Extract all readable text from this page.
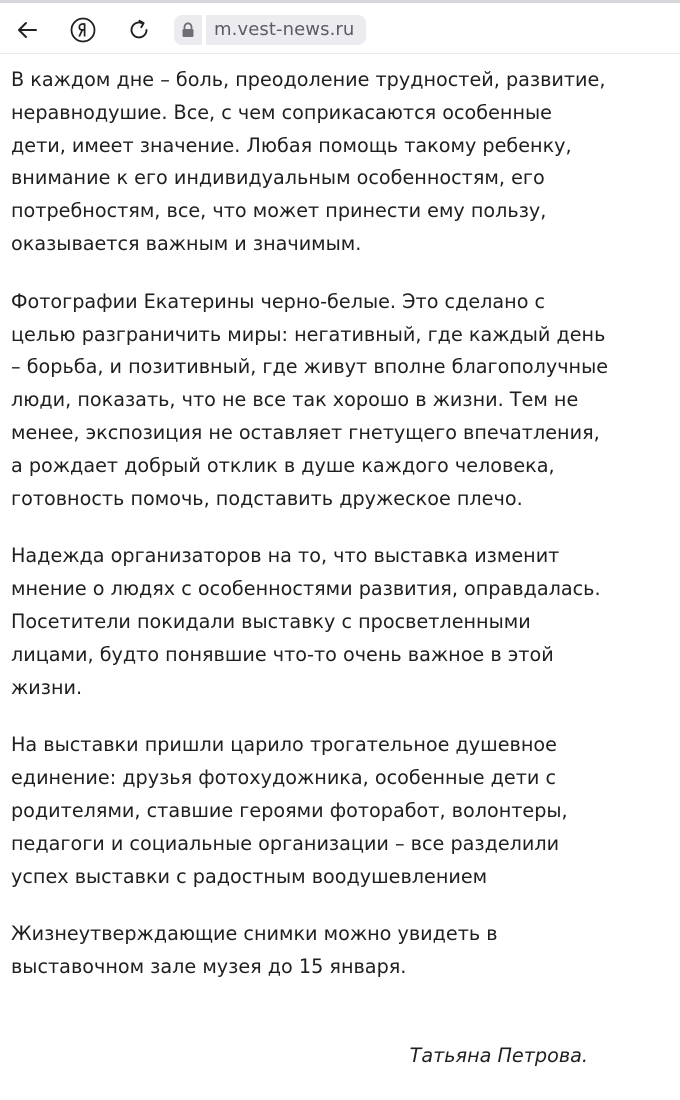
m.vest-news.ru

В каждом дне – боль, преодоление трудностей, развитие, неравнодушие. Все, с чем соприкасаются особенные дети, имеет значение. Любая помощь такому ребенку, внимание к его индивидуальным особенностям, его потребностям, все, что может принести ему пользу, оказывается важным и значимым.

Фотографии Екатерины черно-белые. Это сделано с целью разграничить миры: негативный, где каждый день – борьба, и позитивный, где живут вполне благополучные люди, показать, что не все так хорошо в жизни. Тем не менее, экспозиция не оставляет гнетущего впечатления, а рождает добрый отклик в душе каждого человека, готовность помочь, подставить дружеское плечо.

Надежда организаторов на то, что выставка изменит мнение о людях с особенностями развития, оправдалась. Посетители покидали выставку с просветленными лицами, будто понявшие что-то очень важное в этой жизни.

На выставки пришли царило трогательное душевное единение: друзья фотохудожника, особенные дети с родителями, ставшие героями фоторабот, волонтеры, педагоги и социальные организации – все разделили успех выставки с радостным воодушевлением

Жизнеутверждающие снимки можно увидеть в выставочном зале музея до 15 января.

Татьяна Петрова.
